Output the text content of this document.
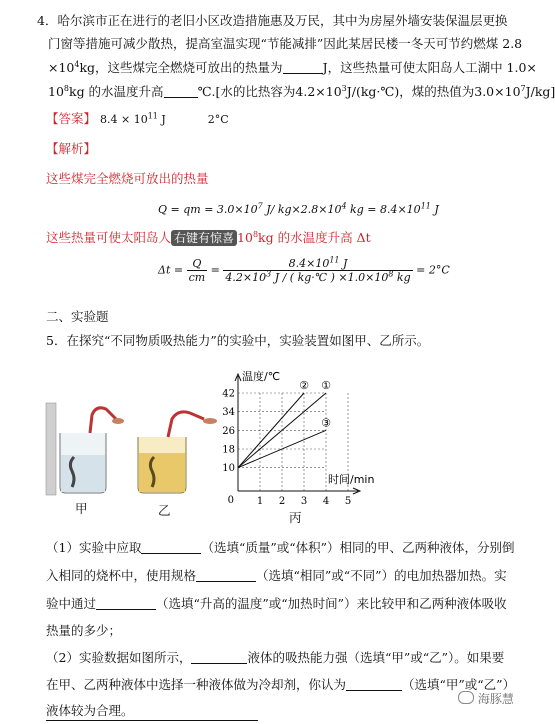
4．哈尔滨市正在进行的老旧小区改造措施惠及万民，其中为房屋外墙安装保温层更换
门窗等措施可减少散热，提高室温实现“节能减排”因此某居民楼一冬天可节约燃煤 2.8
$\times 10^4kg$，这些煤完全燃烧可放出的热量为	J，这些热量可使太阳岛人工湖中 1.0×
$10^8kg$ 的水温度升高	℃.[水的比热容为$4.2\times 10^3J/(kg\cdot℃)$，煤的热值为$3.0\times 10^7J/kg$]
【答案】 $8.4 \times 10^{11}$ J	2°C
【解析】
这些煤完全燃烧可放出的热量
Q = qm = $3.0\times 10^7$ J/ $kg\times 2.8\times 10^4$ kg = $8.4\times 10^{11}$ J
这些热量可使太阳岛人 右键有惊喜 $10^8kg$ 的水温度升高 Δt
$\Delta t = \frac{Q}{cm} = \frac{8.4\times 10^{11} J}{4.2\times 10^3 J / ( kg\cdot℃ ) \times 1.0\times 10^8 kg} = 2^\circ C$
二、实验题
5．在探究“不同物质吸热能力”的实验中，实验装置如图甲、乙所示。
甲	乙
1 2 3 4 5
10
18
26
34
42
0
温度/℃
时间/min
①
②
③
丙
（1）实验中应取	（选填“质量”或“体积”）相同的甲、乙两种液体，分别倒
入相同的烧杯中，使用规格	（选填“相同”或“不同”）的电加热器加热。实
验中通过	（选填“升高的温度”或“加热时间”）来比较甲和乙两种液体吸收
热量的多少；
（2）实验数据如图所示，	液体的吸热能力强（选填“甲”或“乙”）。如果要
在甲、乙两种液体中选择一种液体做为冷却剂，你认为	（选填“甲”或“乙”）
液体较为合理。
海豚慧
